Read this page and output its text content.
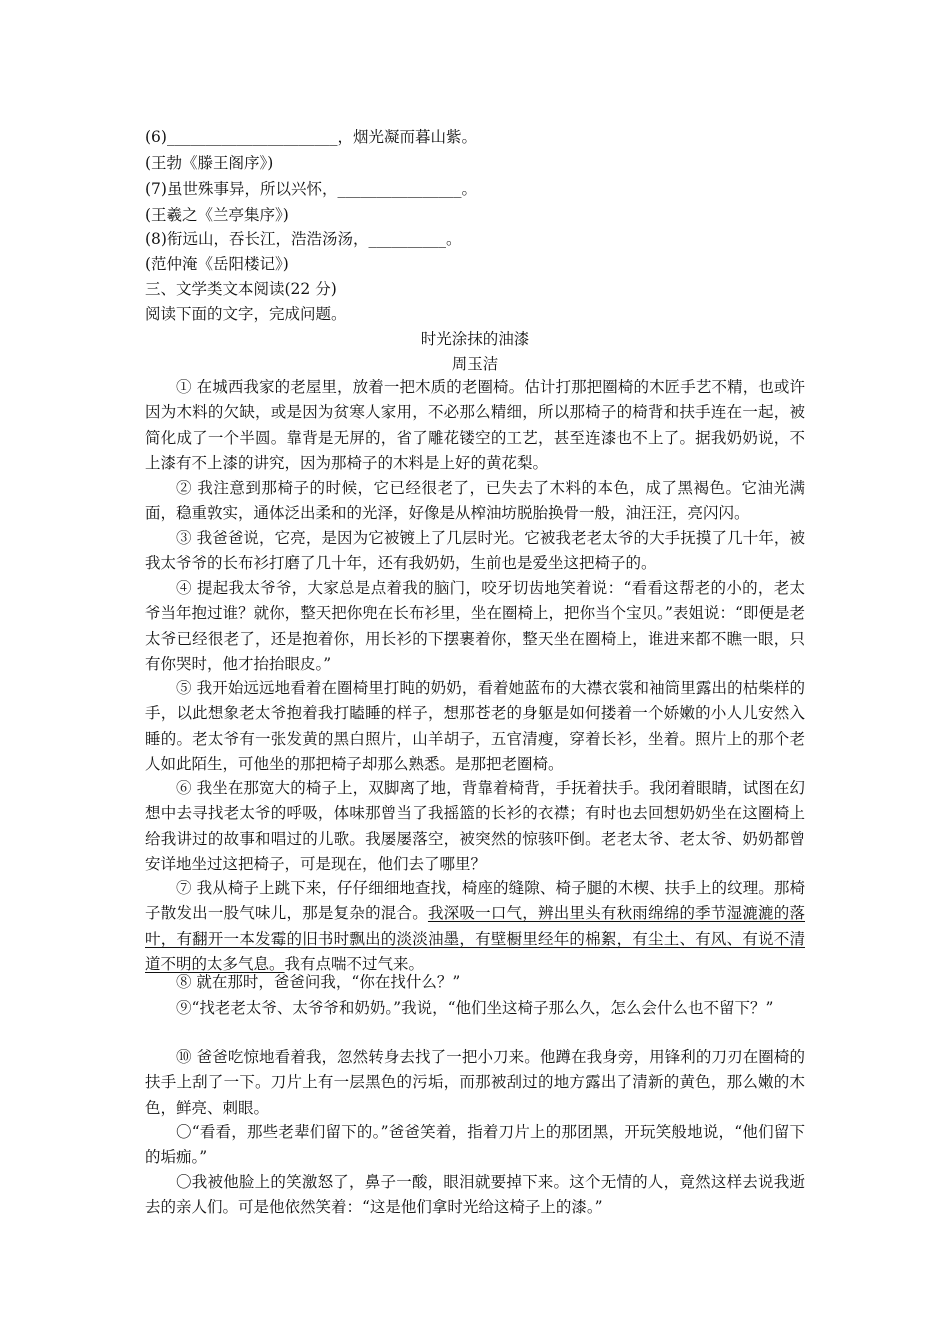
(6)______________________，烟光凝而暮山紫。
(王勃《滕王阁序》)
(7)虽世殊事异，所以兴怀，________________。
(王羲之《兰亭集序》)
(8)衔远山，吞长江，浩浩汤汤，__________。
(范仲淹《岳阳楼记》)
三、文学类文本阅读(22 分)
阅读下面的文字，完成问题。
时光涂抹的油漆
周玉洁

① 在城西我家的老屋里，放着一把木质的老圈椅。估计打那把圈椅的木匠手艺不精，也或许因为木料的欠缺，或是因为贫寒人家用，不必那么精细，所以那椅子的椅背和扶手连在一起，被简化成了一个半圆。靠背是无屏的，省了雕花镂空的工艺，甚至连漆也不上了。据我奶奶说，不上漆有不上漆的讲究，因为那椅子的木料是上好的黄花梨。

② 我注意到那椅子的时候，它已经很老了，已失去了木料的本色，成了黑褐色。它油光满面，稳重敦实，通体泛出柔和的光泽，好像是从榨油坊脱胎换骨一般，油汪汪，亮闪闪。

③ 我爸爸说，它亮，是因为它被镀上了几层时光。它被我老老太爷的大手抚摸了几十年，被我太爷爷的长布衫打磨了几十年，还有我奶奶，生前也是爱坐这把椅子的。

④ 提起我太爷爷，大家总是点着我的脑门，咬牙切齿地笑着说：“看看这帮老的小的，老太爷当年抱过谁？就你，整天把你兜在长布衫里，坐在圈椅上，把你当个宝贝。”表姐说：“即便是老太爷已经很老了，还是抱着你，用长衫的下摆裹着你，整天坐在圈椅上，谁进来都不瞧一眼，只有你哭时，他才抬抬眼皮。”

⑤ 我开始远远地看着在圈椅里打盹的奶奶，看着她蓝布的大襟衣裳和袖筒里露出的枯柴样的手，以此想象老太爷抱着我打瞌睡的样子，想那苍老的身躯是如何搂着一个娇嫩的小人儿安然入睡的。老太爷有一张发黄的黑白照片，山羊胡子，五官清瘦，穿着长衫，坐着。照片上的那个老人如此陌生，可他坐的那把椅子却那么熟悉。是那把老圈椅。

⑥ 我坐在那宽大的椅子上，双脚离了地，背靠着椅背，手抚着扶手。我闭着眼睛，试图在幻想中去寻找老太爷的呼吸，体味那曾当了我摇篮的长衫的衣襟；有时也去回想奶奶坐在这圈椅上给我讲过的故事和唱过的儿歌。我屡屡落空，被突然的惊骇吓倒。老老太爷、老太爷、奶奶都曾安详地坐过这把椅子，可是现在，他们去了哪里？

⑦ 我从椅子上跳下来，仔仔细细地查找，椅座的缝隙、椅子腿的木楔、扶手上的纹理。那椅子散发出一股气味儿，那是复杂的混合。我深吸一口气，辨出里头有秋雨绵绵的季节湿漉漉的落叶，有翻开一本发霉的旧书时飘出的淡淡油墨，有壁橱里经年的棉絮，有尘土、有风、有说不清道不明的太多气息。我有点喘不过气来。

⑧ 就在那时，爸爸问我，“你在找什么？”

⑨“找老老太爷、太爷爷和奶奶。”我说，“他们坐这椅子那么久，怎么会什么也不留下？”

⑩ 爸爸吃惊地看着我，忽然转身去找了一把小刀来。他蹲在我身旁，用锋利的刀刃在圈椅的扶手上刮了一下。刀片上有一层黑色的污垢，而那被刮过的地方露出了清新的黄色，那么嫩的木色，鲜亮、刺眼。

〇“看看，那些老辈们留下的。”爸爸笑着，指着刀片上的那团黑，开玩笑般地说，“他们留下的垢痂。”

〇我被他脸上的笑激怒了，鼻子一酸，眼泪就要掉下来。这个无情的人，竟然这样去说我逝去的亲人们。可是他依然笑着：“这是他们拿时光给这椅子上的漆。”
